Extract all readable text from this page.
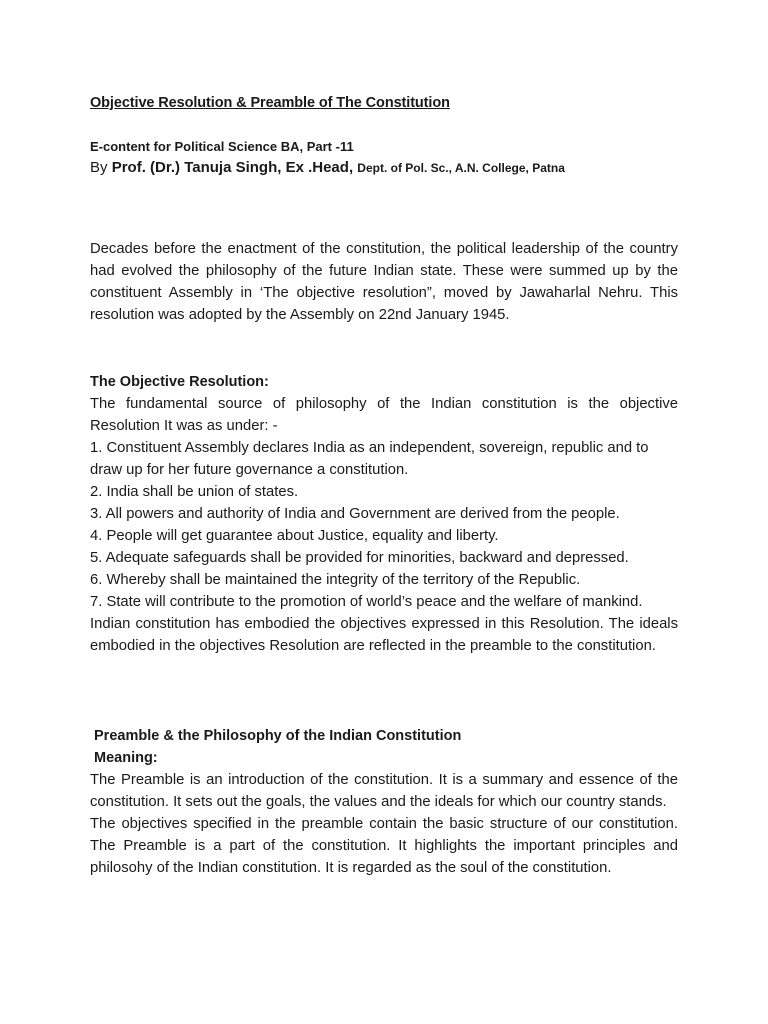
Objective Resolution & Preamble of The Constitution

E-content for Political Science BA, Part -11

By Prof. (Dr.) Tanuja Singh, Ex .Head, Dept. of Pol. Sc., A.N. College, Patna

Decades before the enactment of the constitution, the political leadership of the country had evolved the philosophy of the future Indian state. These were summed up by the constituent Assembly in ‘The objective resolution”, moved by Jawaharlal Nehru. This resolution was adopted by the Assembly on 22nd January 1945.

The Objective Resolution:

The fundamental source of philosophy of the Indian constitution is the objective Resolution It was as under: -

1. Constituent Assembly declares India as an independent, sovereign, republic and to draw up for her future governance a constitution.

2. India shall be union of states.

3. All powers and authority of India and Government are derived from the people.

4. People will get guarantee about Justice, equality and liberty.

5. Adequate safeguards shall be provided for minorities, backward and depressed.

6. Whereby shall be maintained the integrity of the territory of the Republic.

7. State will contribute to the promotion of world’s peace and the welfare of mankind.

Indian constitution has embodied the objectives expressed in this Resolution. The ideals embodied in the objectives Resolution are reflected in the preamble to the constitution.

Preamble & the Philosophy of the Indian Constitution
Meaning:

The Preamble is an introduction of the constitution. It is a summary and essence of the constitution. It sets out the goals, the values and the ideals for which our country stands.

The objectives specified in the preamble contain the basic structure of our constitution. The Preamble is a part of the constitution. It highlights the important principles and philosohy of the Indian constitution. It is regarded as the soul of the constitution.
